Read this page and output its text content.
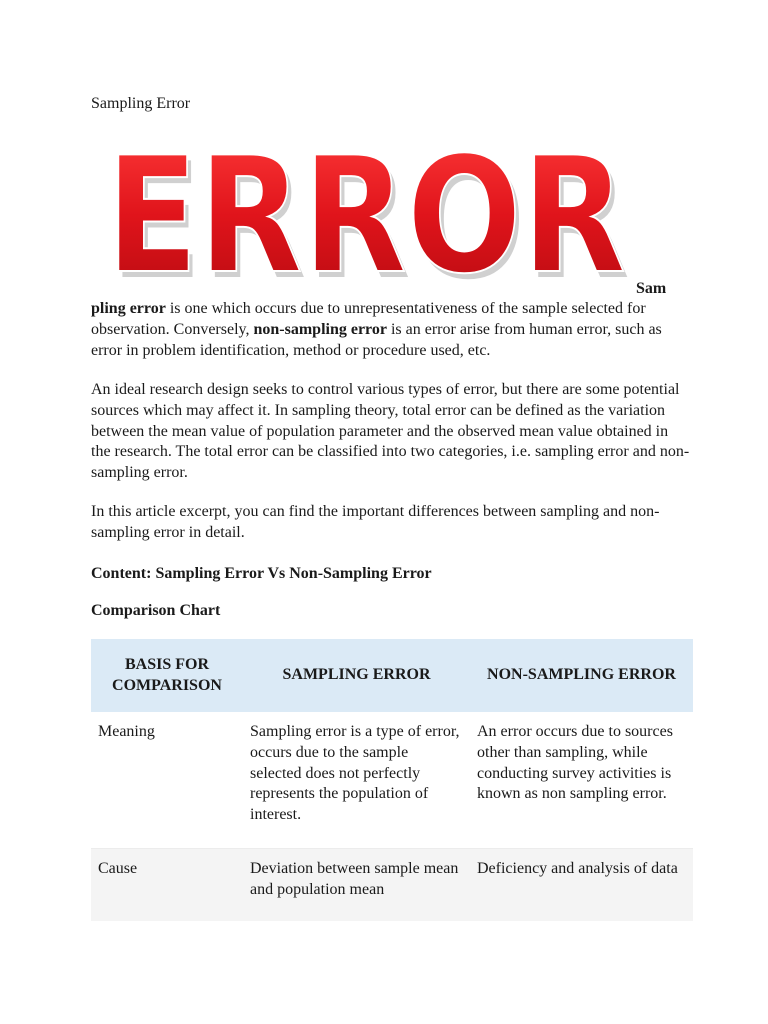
Sampling Error
ERROR
ERROR Sam

pling error is one which occurs due to unrepresentativeness of the sample selected for observation. Conversely, non-sampling error is an error arise from human error, such as error in problem identification, method or procedure used, etc.

An ideal research design seeks to control various types of error, but there are some potential sources which may affect it. In sampling theory, total error can be defined as the variation between the mean value of population parameter and the observed mean value obtained in the research. The total error can be classified into two categories, i.e. sampling error and non-sampling error.

In this article excerpt, you can find the important differences between sampling and non-sampling error in detail.

Content: Sampling Error Vs Non-Sampling Error
Comparison Chart
BASIS FOR COMPARISON	SAMPLING ERROR	NON-SAMPLING ERROR
Meaning	Sampling error is a type of error, occurs due to the sample selected does not perfectly represents the population of interest.	An error occurs due to sources other than sampling, while conducting survey activities is known as non sampling error.
Cause	Deviation between sample mean and population mean	Deficiency and analysis of data
